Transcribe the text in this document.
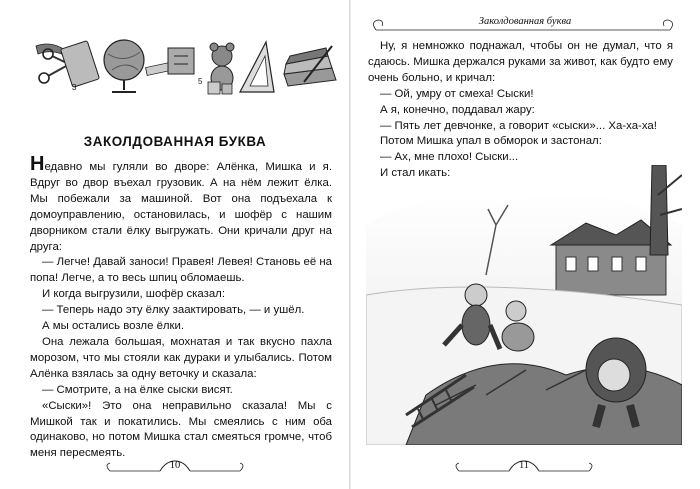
3
5
ЗАКОЛДОВАННАЯ БУКВА

Недавно мы гуляли во дворе: Алёнка, Мишка и я. Вдруг во двор въехал грузовик. А на нём лежит ёлка. Мы побежали за машиной. Вот она подъехала к домоуправлению, остановилась, и шофёр с нашим дворником стали ёлку выгружать. Они кричали друг на друга:

— Легче! Давай заноси! Правея! Левея! Становь её на попа! Легче, а то весь шпиц обломаешь.

И когда выгрузили, шофёр сказал:

— Теперь надо эту ёлку заактировать, — и ушёл.

А мы остались возле ёлки.

Она лежала большая, мохнатая и так вкусно пахла морозом, что мы стояли как дураки и улыбались. Потом Алёнка взялась за одну веточку и сказала:

— Смотрите, а на ёлке сыски висят.

«Сыски»! Это она неправильно сказала! Мы с Мишкой так и покатились. Мы смеялись с ним оба одинаково, но потом Мишка стал смеяться громче, чтоб меня пересмеять.

10
Заколдованная буква

Ну, я немножко поднажал, чтобы он не думал, что я сдаюсь. Мишка держался руками за живот, как будто ему очень больно, и кричал:

— Ой, умру от смеха! Сыски!

А я, конечно, поддавал жару:

— Пять лет девчонке, а говорит «сыски»... Ха-ха-ха!

Потом Мишка упал в обморок и застонал:

— Ах, мне плохо! Сыски...

И стал икать:

11
